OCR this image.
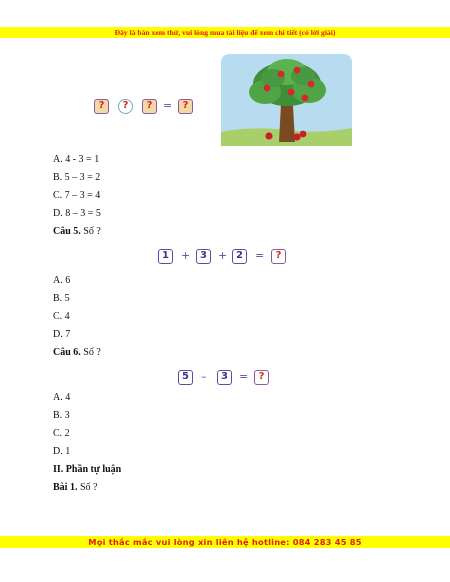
Đây là bản xem thử, vui lòng mua tài liệu để xem chi tiết (có lời giải)
?	?	? =	?
A. 4 - 3 = 1
B. 5 – 3 = 2
C. 7 – 3 = 4
D. 8 – 3 = 5
Câu 5. Số ?
1	+ 3	+ 2	=	?
A. 6
B. 5
C. 4
D. 7
Câu 6. Số ?
5	–	3	=	?
A. 4
B. 3
C. 2
D. 1
II. Phần tự luận
Bài 1. Số ?
Mọi thắc mắc vui lòng xin liên hệ hotline: 084 283 45 85
